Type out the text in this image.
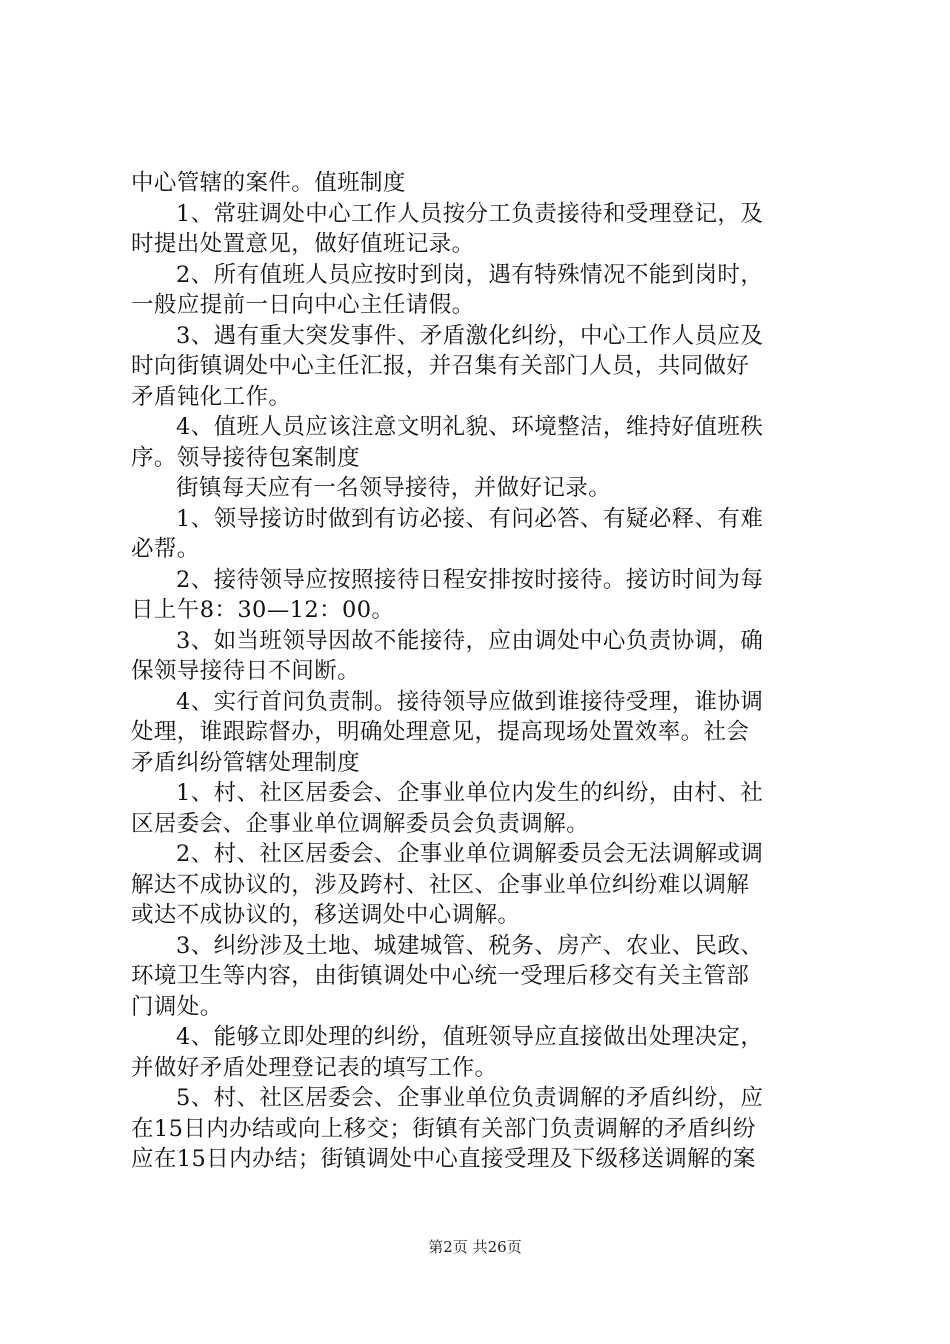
中心管辖的案件。值班制度
1、常驻调处中心工作人员按分工负责接待和受理登记，及
时提出处置意见，做好值班记录。
2、所有值班人员应按时到岗，遇有特殊情况不能到岗时，
一般应提前一日向中心主任请假。
3、遇有重大突发事件、矛盾激化纠纷，中心工作人员应及
时向街镇调处中心主任汇报，并召集有关部门人员，共同做好
矛盾钝化工作。
4、值班人员应该注意文明礼貌、环境整洁，维持好值班秩
序。领导接待包案制度
街镇每天应有一名领导接待，并做好记录。
1、领导接访时做到有访必接、有问必答、有疑必释、有难
必帮。
2、接待领导应按照接待日程安排按时接待。接访时间为每
日上午8：30—12：00。
3、如当班领导因故不能接待，应由调处中心负责协调，确
保领导接待日不间断。
4、实行首问负责制。接待领导应做到谁接待受理，谁协调
处理，谁跟踪督办，明确处理意见，提高现场处置效率。社会
矛盾纠纷管辖处理制度
1、村、社区居委会、企事业单位内发生的纠纷，由村、社
区居委会、企事业单位调解委员会负责调解。
2、村、社区居委会、企事业单位调解委员会无法调解或调
解达不成协议的，涉及跨村、社区、企事业单位纠纷难以调解
或达不成协议的，移送调处中心调解。
3、纠纷涉及土地、城建城管、税务、房产、农业、民政、
环境卫生等内容，由街镇调处中心统一受理后移交有关主管部
门调处。
4、能够立即处理的纠纷，值班领导应直接做出处理决定，
并做好矛盾处理登记表的填写工作。
5、村、社区居委会、企事业单位负责调解的矛盾纠纷，应
在15日内办结或向上移交；街镇有关部门负责调解的矛盾纠纷
应在15日内办结；街镇调处中心直接受理及下级移送调解的案
第2页 共26页
